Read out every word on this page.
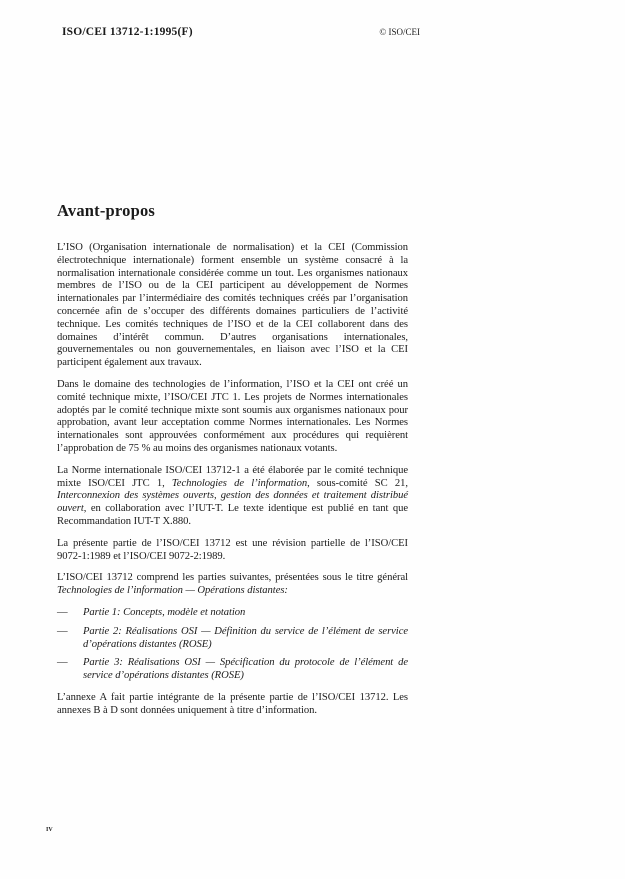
ISO/CEI 13712-1:1995(F)	© ISO/CEI
Avant-propos

L’ISO (Organisation internationale de normalisation) et la CEI (Commission électrotechnique internationale) forment ensemble un système consacré à la normalisation internationale considérée comme un tout. Les organismes nationaux membres de l’ISO ou de la CEI participent au développement de Normes internationales par l’intermédiaire des comités techniques créés par l’organisation concernée afin de s’occuper des différents domaines particuliers de l’activité technique. Les comités techniques de l’ISO et de la CEI collaborent dans des domaines d’intérêt commun. D’autres organisations internationales, gouvernementales ou non gouvernementales, en liaison avec l’ISO et la CEI participent également aux travaux.

Dans le domaine des technologies de l’information, l’ISO et la CEI ont créé un comité technique mixte, l’ISO/CEI JTC 1. Les projets de Normes internationales adoptés par le comité technique mixte sont soumis aux organismes nationaux pour approbation, avant leur acceptation comme Normes internationales. Les Normes internationales sont approuvées conformément aux procédures qui requièrent l’approbation de 75 % au moins des organismes nationaux votants.

La Norme internationale ISO/CEI 13712-1 a été élaborée par le comité technique mixte ISO/CEI JTC 1, Technologies de l’information, sous-comité SC 21, Interconnexion des systèmes ouverts, gestion des données et traitement distribué ouvert, en collaboration avec l’IUT-T. Le texte identique est publié en tant que Recommandation IUT-T X.880.

La présente partie de l’ISO/CEI 13712 est une révision partielle de l’ISO/CEI 9072-1:1989 et l’ISO/CEI 9072-2:1989.

L’ISO/CEI 13712 comprend les parties suivantes, présentées sous le titre général Technologies de l’information — Opérations distantes:

—	Partie 1: Concepts, modèle et notation
—	Partie 2: Réalisations OSI — Définition du service de l’élément de service d’opérations distantes (ROSE)
—	Partie 3: Réalisations OSI — Spécification du protocole de l’élément de service d’opérations distantes (ROSE)

L’annexe A fait partie intégrante de la présente partie de l’ISO/CEI 13712. Les annexes B à D sont données uniquement à titre d’information.

iv
